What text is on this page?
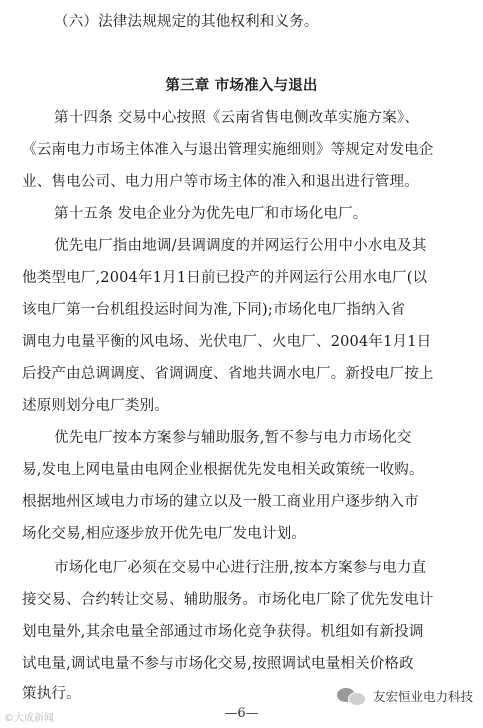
（六）法律法规规定的其他权利和义务。
第三章 市场准入与退出
第十四条 交易中心按照《云南省售电侧改革实施方案》、
《云南电力市场主体准入与退出管理实施细则》等规定对发电企
业、售电公司、电力用户等市场主体的准入和退出进行管理。
第十五条 发电企业分为优先电厂和市场化电厂。
优先电厂指由地调/县调调度的并网运行公用中小水电及其
他类型电厂,2004年1月1日前已投产的并网运行公用水电厂(以
该电厂第一台机组投运时间为准,下同);市场化电厂指纳入省
调电力电量平衡的风电场、光伏电厂、火电厂、2004年1月1日
后投产由总调调度、省调调度、省地共调水电厂。新投电厂按上
述原则划分电厂类别。
优先电厂按本方案参与辅助服务,暂不参与电力市场化交
易,发电上网电量由电网企业根据优先发电相关政策统一收购。
根据地州区域电力市场的建立以及一般工商业用户逐步纳入市
场化交易,相应逐步放开优先电厂发电计划。
市场化电厂必须在交易中心进行注册,按本方案参与电力直
接交易、合约转让交易、辅助服务。市场化电厂除了优先发电计
划电量外,其余电量全部通过市场化竞争获得。机组如有新投调
试电量,调试电量不参与市场化交易,按照调试电量相关价格政
策执行。	友宏恒业电力科技
—6—
©大成新闻
